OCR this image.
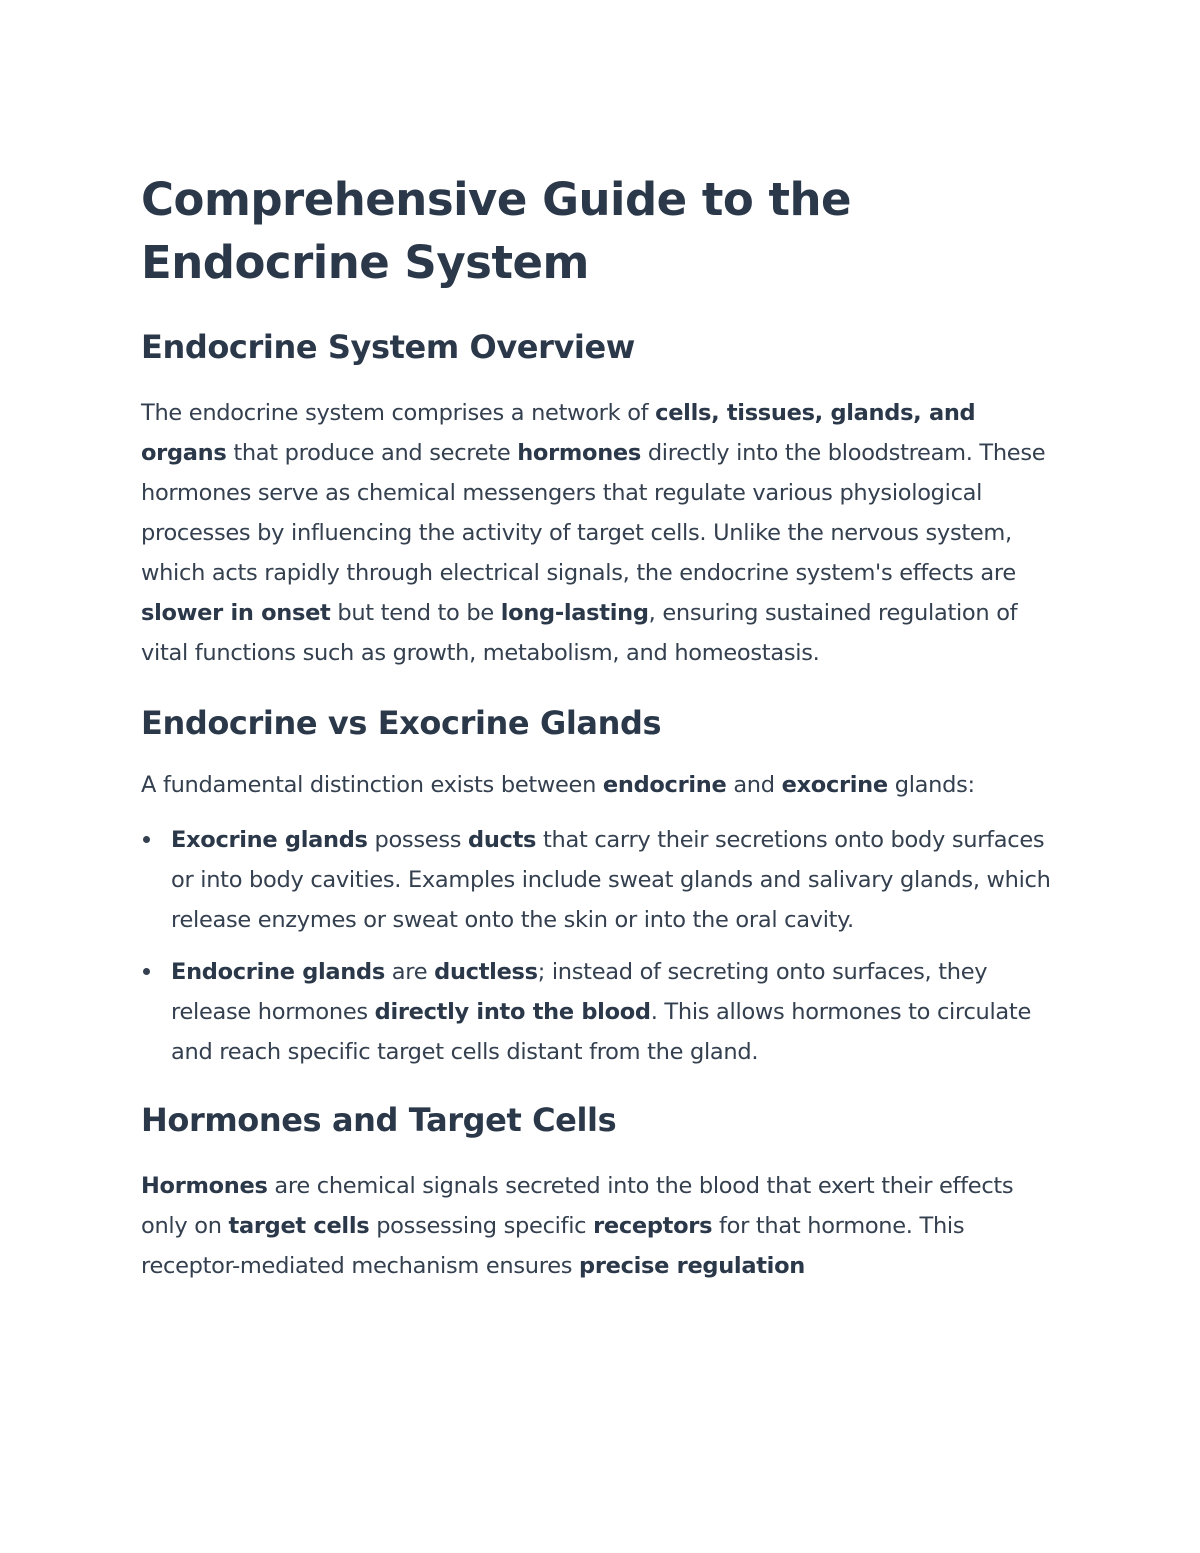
Comprehensive Guide to the Endocrine System
Endocrine System Overview

The endocrine system comprises a network of cells, tissues, glands, and organs that produce and secrete hormones directly into the bloodstream. These hormones serve as chemical messengers that regulate various physiological processes by influencing the activity of target cells. Unlike the nervous system, which acts rapidly through electrical signals, the endocrine system's effects are slower in onset but tend to be long-lasting, ensuring sustained regulation of vital functions such as growth, metabolism, and homeostasis.

Endocrine vs Exocrine Glands

A fundamental distinction exists between endocrine and exocrine glands:

Exocrine glands possess ducts that carry their secretions onto body surfaces or into body cavities. Examples include sweat glands and salivary glands, which release enzymes or sweat onto the skin or into the oral cavity.
Endocrine glands are ductless; instead of secreting onto surfaces, they release hormones directly into the blood. This allows hormones to circulate and reach specific target cells distant from the gland.
Hormones and Target Cells

Hormones are chemical signals secreted into the blood that exert their effects only on target cells possessing specific receptors for that hormone. This receptor-mediated mechanism ensures precise regulation
